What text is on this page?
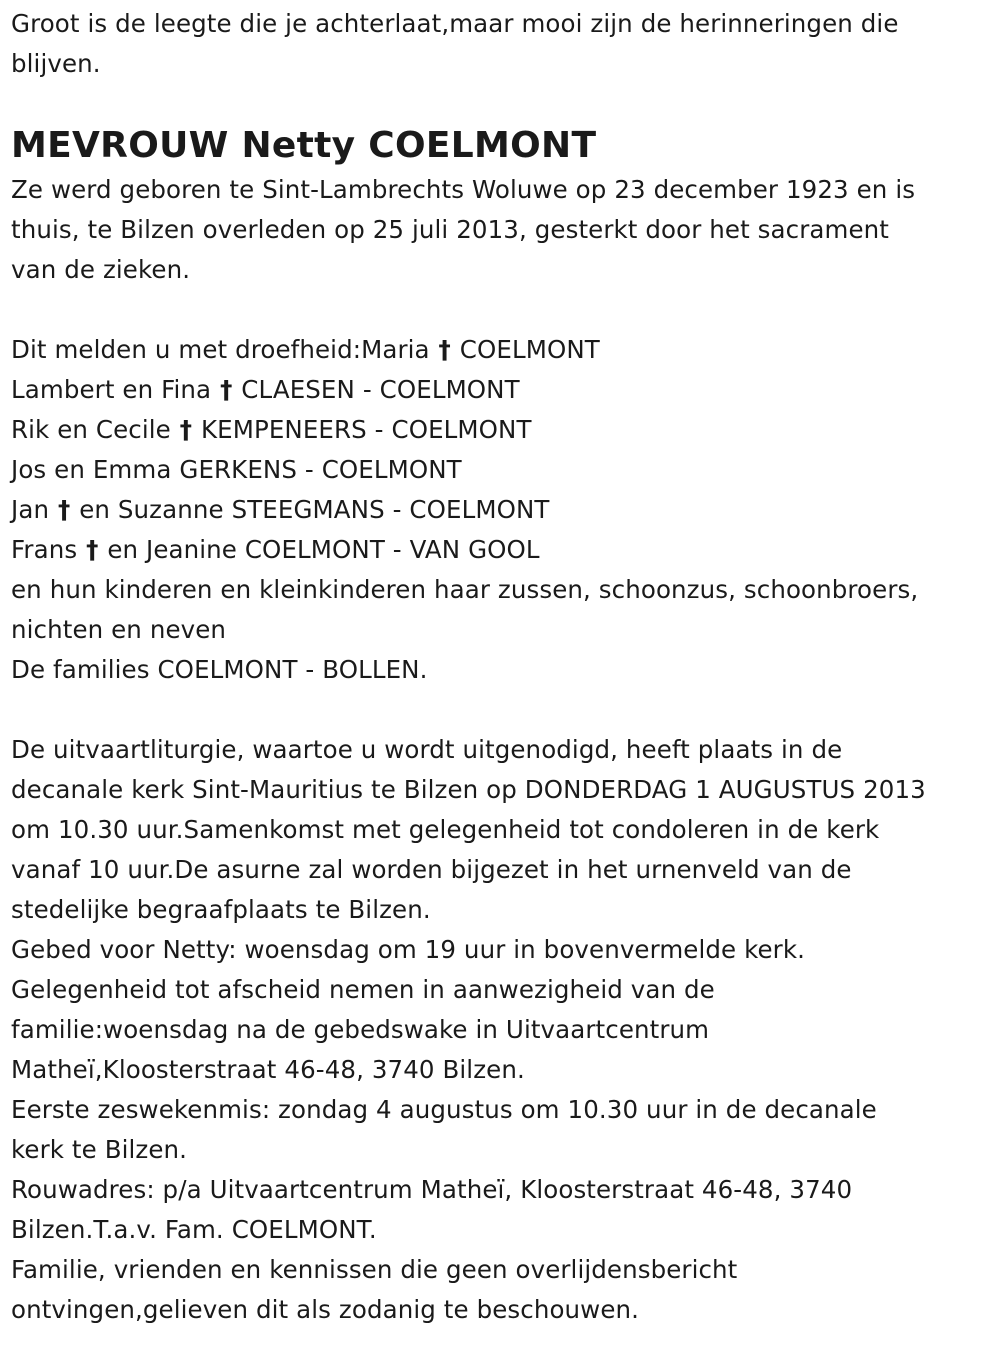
Groot is de leegte die je achterlaat,maar mooi zijn de herinneringen die
blijven.
MEVROUW Netty COELMONT
Ze werd geboren te Sint-Lambrechts Woluwe op 23 december 1923 en is
thuis, te Bilzen overleden op 25 juli 2013, gesterkt door het sacrament
van de zieken.
Dit melden u met droefheid:Maria † COELMONT
Lambert en Fina † CLAESEN - COELMONT
Rik en Cecile † KEMPENEERS - COELMONT
Jos en Emma GERKENS - COELMONT
Jan † en Suzanne STEEGMANS - COELMONT
Frans † en Jeanine COELMONT - VAN GOOL
en hun kinderen en kleinkinderen haar zussen, schoonzus, schoonbroers,
nichten en neven
De families COELMONT - BOLLEN.
De uitvaartliturgie, waartoe u wordt uitgenodigd, heeft plaats in de
decanale kerk Sint-Mauritius te Bilzen op DONDERDAG 1 AUGUSTUS 2013
om 10.30 uur.Samenkomst met gelegenheid tot condoleren in de kerk
vanaf 10 uur.De asurne zal worden bijgezet in het urnenveld van de
stedelijke begraafplaats te Bilzen.
Gebed voor Netty: woensdag om 19 uur in bovenvermelde kerk.
Gelegenheid tot afscheid nemen in aanwezigheid van de
familie:woensdag na de gebedswake in Uitvaartcentrum
Matheï,Kloosterstraat 46-48, 3740 Bilzen.
Eerste zeswekenmis: zondag 4 augustus om 10.30 uur in de decanale
kerk te Bilzen.
Rouwadres: p/a Uitvaartcentrum Matheï, Kloosterstraat 46-48, 3740
Bilzen.T.a.v. Fam. COELMONT.
Familie, vrienden en kennissen die geen overlijdensbericht
ontvingen,gelieven dit als zodanig te beschouwen.
